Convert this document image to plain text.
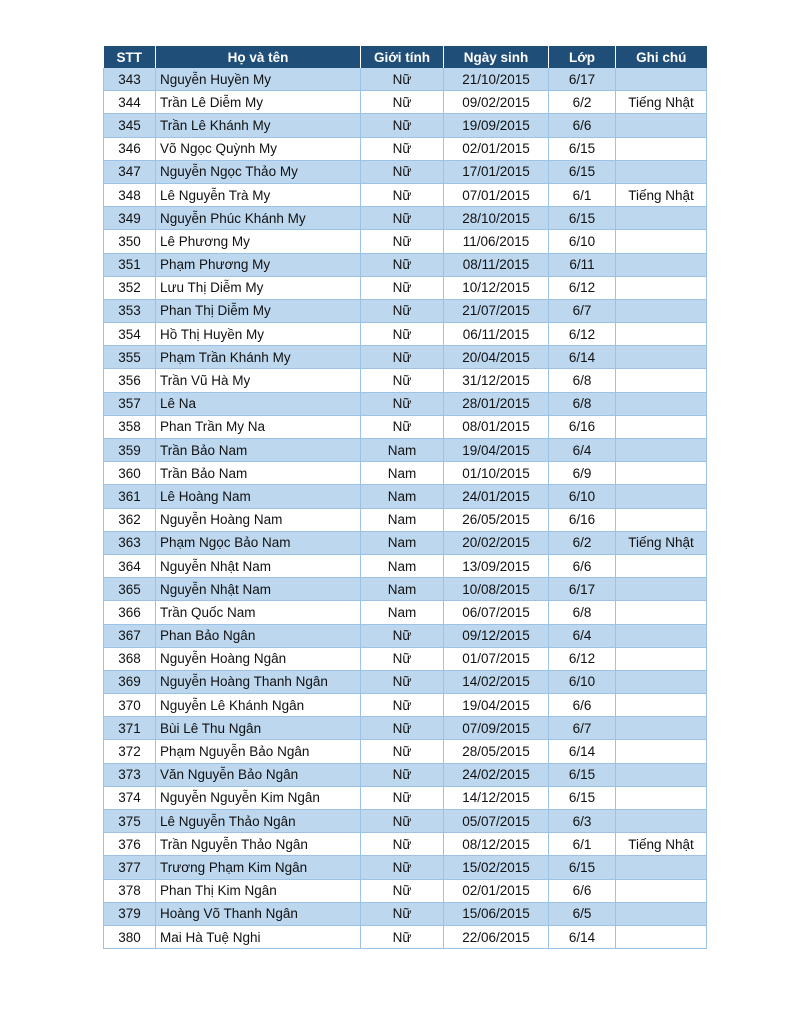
STT	Họ và tên	Giới tính	Ngày sinh	Lớp	Ghi chú
343	Nguyễn Huyền My	Nữ	21/10/2015	6/17	
344	Trần Lê Diễm My	Nữ	09/02/2015	6/2	Tiếng Nhật
345	Trần Lê Khánh My	Nữ	19/09/2015	6/6	
346	Võ Ngọc Quỳnh My	Nữ	02/01/2015	6/15	
347	Nguyễn Ngọc Thảo My	Nữ	17/01/2015	6/15	
348	Lê Nguyễn Trà My	Nữ	07/01/2015	6/1	Tiếng Nhật
349	Nguyễn Phúc Khánh My	Nữ	28/10/2015	6/15	
350	Lê Phương My	Nữ	11/06/2015	6/10	
351	Phạm Phương My	Nữ	08/11/2015	6/11	
352	Lưu Thị Diễm My	Nữ	10/12/2015	6/12	
353	Phan Thị Diễm My	Nữ	21/07/2015	6/7	
354	Hồ Thị Huyền My	Nữ	06/11/2015	6/12	
355	Phạm Trần Khánh My	Nữ	20/04/2015	6/14	
356	Trần Vũ Hà My	Nữ	31/12/2015	6/8	
357	Lê Na	Nữ	28/01/2015	6/8	
358	Phan Trần My Na	Nữ	08/01/2015	6/16	
359	Trần Bảo Nam	Nam	19/04/2015	6/4	
360	Trần Bảo Nam	Nam	01/10/2015	6/9	
361	Lê Hoàng Nam	Nam	24/01/2015	6/10	
362	Nguyễn Hoàng Nam	Nam	26/05/2015	6/16	
363	Phạm Ngọc Bảo Nam	Nam	20/02/2015	6/2	Tiếng Nhật
364	Nguyễn Nhật Nam	Nam	13/09/2015	6/6	
365	Nguyễn Nhật Nam	Nam	10/08/2015	6/17	
366	Trần Quốc Nam	Nam	06/07/2015	6/8	
367	Phan Bảo Ngân	Nữ	09/12/2015	6/4	
368	Nguyễn Hoàng Ngân	Nữ	01/07/2015	6/12	
369	Nguyễn Hoàng Thanh Ngân	Nữ	14/02/2015	6/10	
370	Nguyễn Lê Khánh Ngân	Nữ	19/04/2015	6/6	
371	Bùi Lê Thu Ngân	Nữ	07/09/2015	6/7	
372	Phạm Nguyễn Bảo Ngân	Nữ	28/05/2015	6/14	
373	Văn Nguyễn Bảo Ngân	Nữ	24/02/2015	6/15	
374	Nguyễn Nguyễn Kim Ngân	Nữ	14/12/2015	6/15	
375	Lê Nguyễn Thảo Ngân	Nữ	05/07/2015	6/3	
376	Trần Nguyễn Thảo Ngân	Nữ	08/12/2015	6/1	Tiếng Nhật
377	Trương Phạm Kim Ngân	Nữ	15/02/2015	6/15	
378	Phan Thị Kim Ngân	Nữ	02/01/2015	6/6	
379	Hoàng Võ Thanh Ngân	Nữ	15/06/2015	6/5	
380	Mai Hà Tuệ Nghi	Nữ	22/06/2015	6/14	
